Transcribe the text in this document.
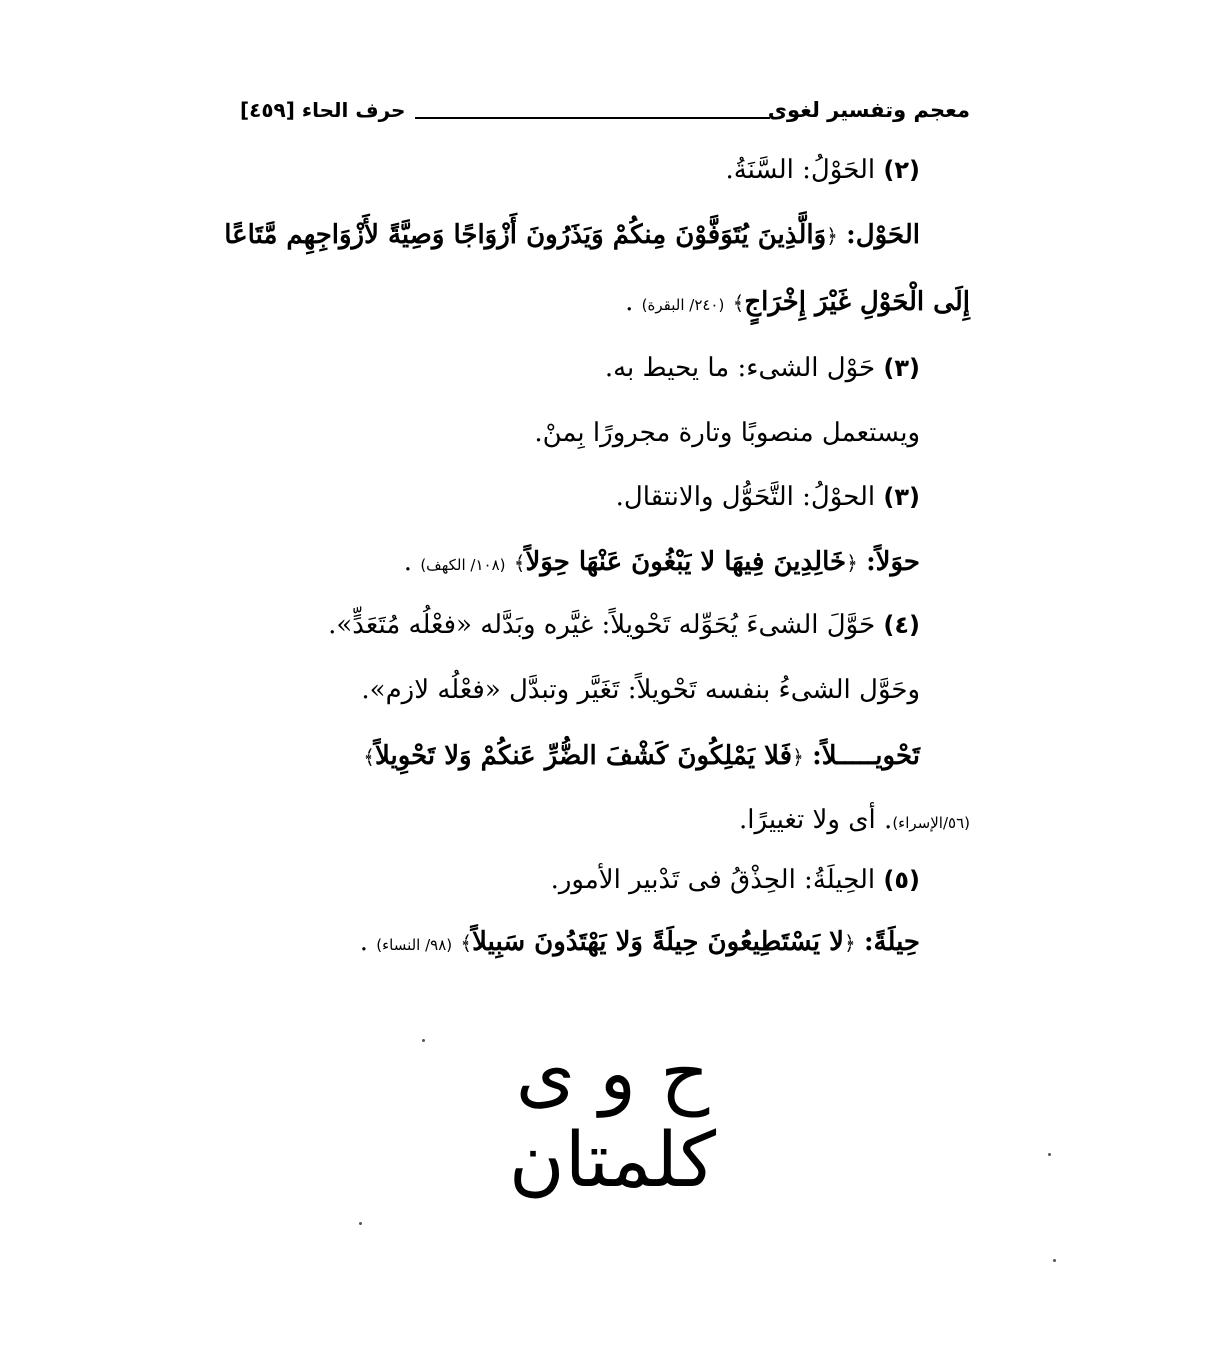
معجم وتفسير لغوى
حرف الحاء [٤٥٩]
(٢) الحَوْلُ: السَّنَةُ.
الحَوْل: ﴿وَالَّذِينَ يُتَوَفَّوْنَ مِنكُمْ وَيَذَرُونَ أَزْوَاجًا وَصِيَّةً لأَزْوَاجِهِم مَّتَاعًا
إِلَى الْحَوْلِ غَيْرَ إِخْرَاجٍ﴾ (٢٤٠/ البقرة) .
(٣) حَوْل الشىء: ما يحيط به.
ويستعمل منصوبًا وتارة مجرورًا بِمنْ.
(٣) الحوْلُ: التَّحَوُّل والانتقال.
حوَلاً: ﴿خَالِدِينَ فِيهَا لا يَبْغُونَ عَنْهَا حِوَلاً﴾ (١٠٨/ الكهف) .
(٤) حَوَّلَ الشىءَ يُحَوِّله تَحْويلاً: غيَّره وبَدَّله «فعْلُه مُتَعَدٍّ».
وحَوَّل الشىءُ بنفسه تَحْويلاً: تَغَيَّر وتبدَّل «فعْلُه لازم».
تَحْويـــــلاً: ﴿فَلا يَمْلِكُونَ كَشْفَ الضُّرِّ عَنكُمْ وَلا تَحْوِيلاً﴾
(٥٦/الإسراء). أى ولا تغييرًا.
(٥) الحِيلَةُ: الحِذْقُ فى تَدْبير الأمور.
حِيلَةً: ﴿لا يَسْتَطِيعُونَ حِيلَةً وَلا يَهْتَدُونَ سَبِيلاً﴾ (٩٨/ النساء) .
ح و ى
كلمتان
